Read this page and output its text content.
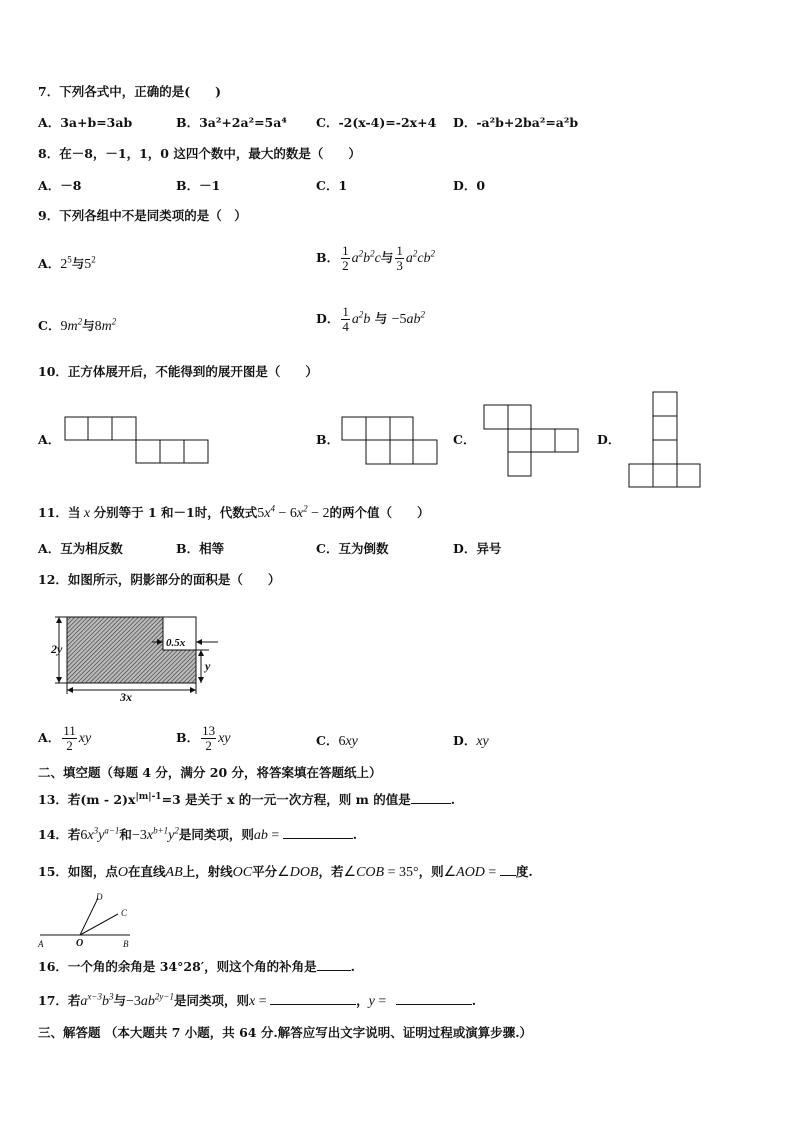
7．下列各式中，正确的是(　　)
A．3a+b=3ab	B．3a²+2a²=5a⁴ C．-2(x-4)=-2x+4 D．-a²b+2ba²=a²b
8．在－8，－1，1，0 这四个数中，最大的数是（　　）
A．－8	B．－1	C．1	D．0
9．下列各组中不是同类项的是（　）
A．$2^5$与$5^2$	B． $\frac{1}{2} a^2b^2c$与 $\frac{1}{3} a^2cb^2$
C．$9m^2$与$8m^2$	D． $\frac{1}{4} a^2b$ 与 $-5ab^2$
10．正方体展开后，不能得到的展开图是（　　）
A．	B．	C．	D．
11．当 x 分别等于 1 和－1时，代数式$5x^4 - 6x^2 - 2$的两个值（　　）
A．互为相反数	B．相等	C．互为倒数	D．异号
12．如图所示，阴影部分的面积是（　　）
2y	0.5x
y
3x
A． $\frac{11}{2}$ xy	B． $\frac{13}{2}$ xy	C．6xy	D．xy
二、填空题（每题 4 分，满分 20 分，将答案填在答题纸上）
13．若$(m - 2)x^{|m|-1}=3$ 是关于 x 的一元一次方程，则 m 的值是	.
14．若$6x^3y^{a-1}$和$-3x^{b+1}y^2$是同类项，则ab =	.
15．如图，点O在直线AB上，射线OC平分∠DOB，若∠COB = 35°，则∠AOD = 度.
A	O	B
C
D
16．一个角的余角是 34°28′，则这个角的补角是	.
17．若$a^{x-3}b^3$与$-3ab^{2y-1}$是同类项，则x =	，y =	.
三、解答题 （本大题共 7 小题，共 64 分.解答应写出文字说明、证明过程或演算步骤.）
